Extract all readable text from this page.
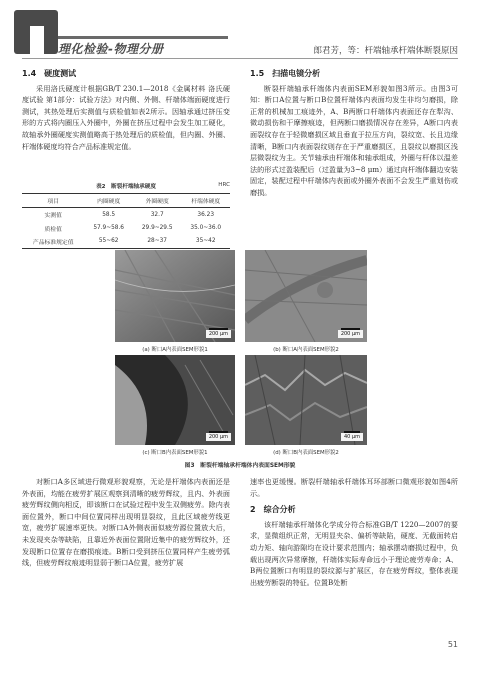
理化检验-物理分册	郎君芳，等：杆端轴承杆端体断裂原因
1.4　硬度测试

采用洛氏硬度计根据GB/T 230.1—2018《金属材料 洛氏硬度试验 第1部分：试验方法》对内侧、外侧、杆端体端面硬度进行测试，其热处理后实测值与质检值如表2所示。因轴承通过挤压变形的方式将内圈压入外圈中，外圈在挤压过程中会发生加工硬化，故轴承外圈硬度实测值略高于热处理后的质检值，但内圈、外圈、杆端体硬度均符合产品标准规定值。

表2　断裂杆端轴承硬度	HRC
项目	内圈硬度	外圈硬度	杆端体硬度
实测值	58.5	32.7	36.23
质检值	57.9~58.6	29.9~29.5	35.0~36.0
产品标准规定值	55~62	28~37	35~42
1.5　扫描电镜分析

断裂杆端轴承杆端体内表面SEM形貌如图3所示。由图3可知：断口A位置与断口B位置杆端体内表面均发生非均匀磨损，除正常的机械加工痕迹外，A、B两断口杆端体内表面还存在犁沟、微动损伤和干摩擦痕迹，但两断口磨损情况存在差异，A断口内表面裂纹存在于轻微磨损区域且垂直于拉压方向，裂纹宽、长且边缘清晰，B断口内表面裂纹则存在于严重磨损区，且裂纹以磨损区浅层微裂纹为主。关节轴承由杆端体和轴承组成，外圈与杆体以温差法的形式过盈装配后（过盈量为3~8 μm）通过向杆端体翻边安装固定，装配过程中杆端体内表面或外圈外表面不会发生严重划伤或磨损。

200 μm
(a) 断口A内表面SEM形貌1
200 μm
(b) 断口A内表面SEM形貌2
200 μm
(c) 断口B内表面SEM形貌1
40 μm
(d) 断口B内表面SEM形貌2
图3　断裂杆端轴承杆端体内表面SEM形貌

对断口A多区域进行微观形貌观察，无论是杆端体内表面还是外表面，均能在疲劳扩展区观察到清晰的疲劳辉纹，且内、外表面疲劳辉纹侧向相反，即该断口在试验过程中发生双侧疲劳。除内表面位置外，断口中间位置同样出现明显裂纹，且此区域疲劳线更宽，疲劳扩展速率更快。对断口A外侧表面似疲劳源位置放大后，未发现夹杂等缺陷，且靠近外表面位置附近集中的疲劳辉纹外，还发现断口位置存在磨损痕迹。B断口受到挤压位置同样产生疲劳弧线，但疲劳辉纹痕迹明显弱于断口A位置，疲劳扩展

速率也更缓慢。断裂杆端轴承杆端体耳环部断口微观形貌如图4所示。

2　综合分析

该杆端轴承杆端体化学成分符合标准GB/T 1220—2007的要求，显微组织正常，无明显夹杂、偏析等缺陷，硬度、无截面转启动力矩、轴向游隙均在设计要求范围内；轴承摆动磨损过程中，负载出现两次异常摩擦，杆端体实际寿命远小于理论疲劳寿命；A、B两位置断口有明显的裂纹源与扩展区，存在疲劳辉纹，整体表现出疲劳断裂的特征。位置B处断

51
